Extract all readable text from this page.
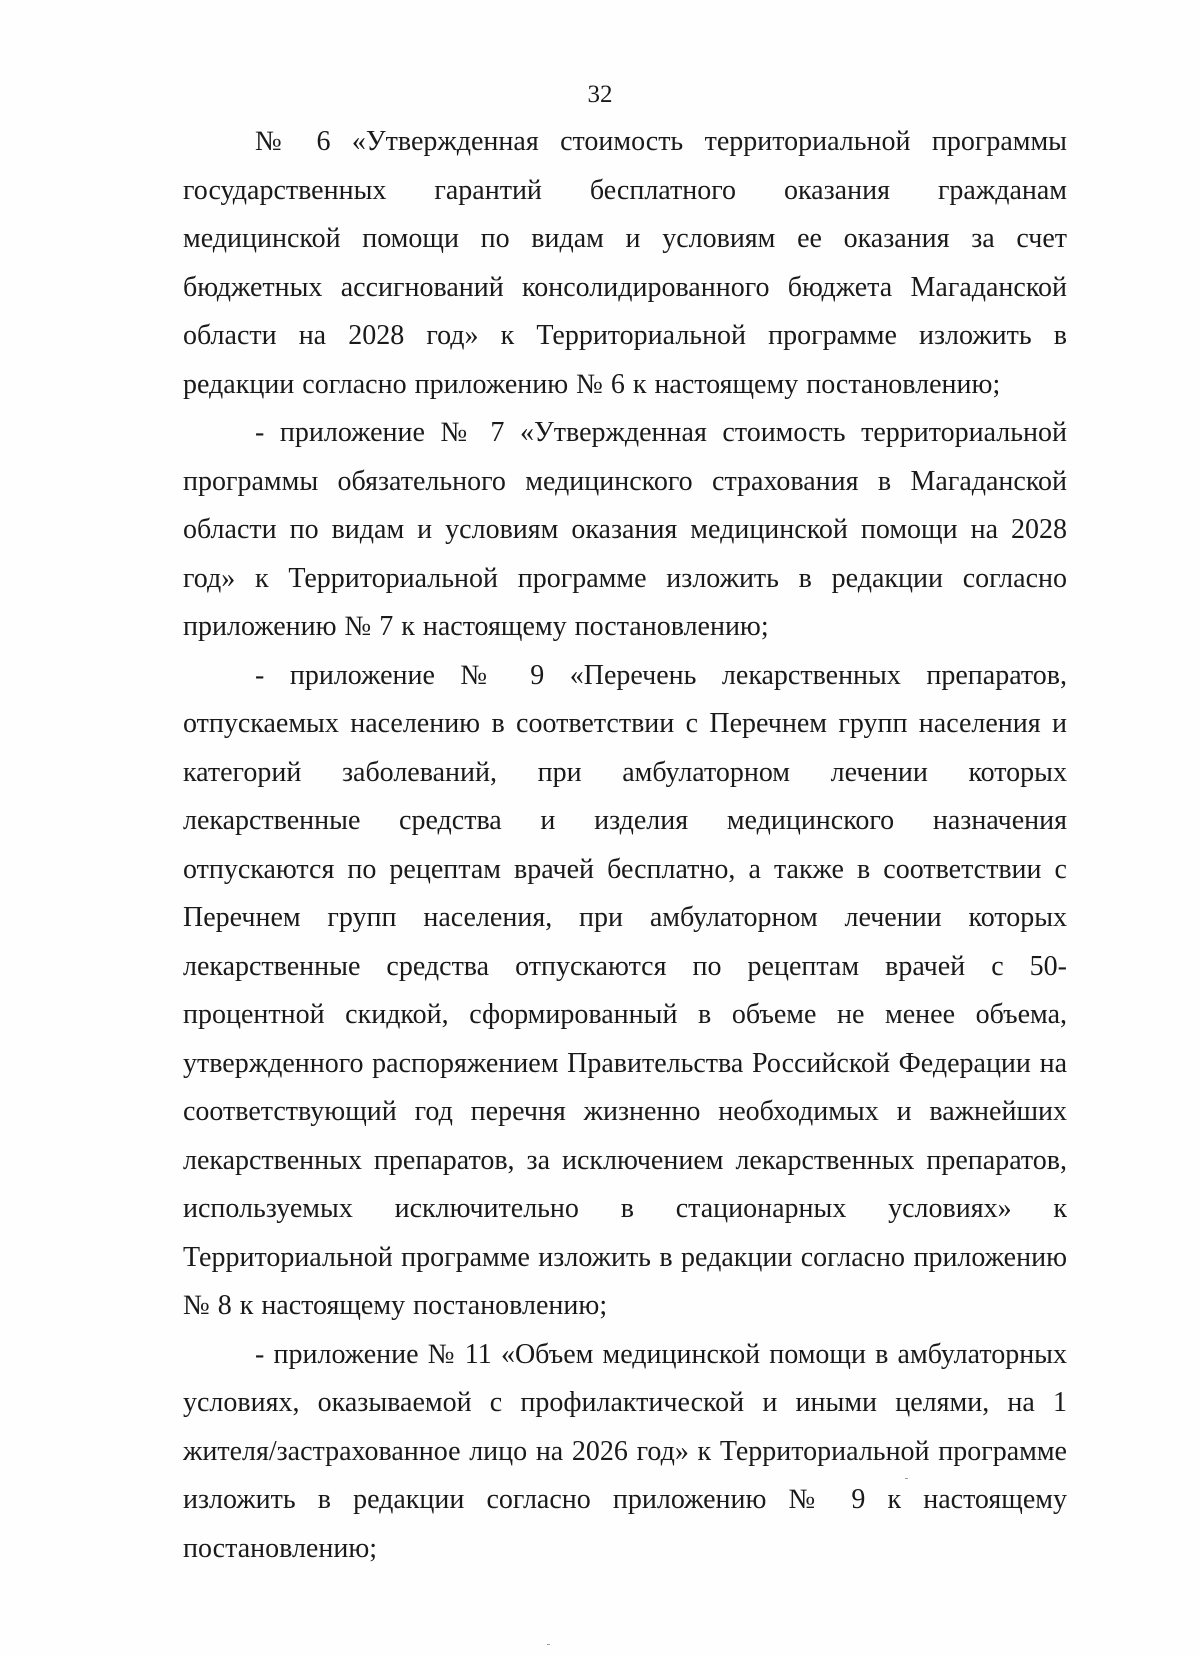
32

№ 6 «Утвержденная стоимость территориальной программы государственных гарантий бесплатного оказания гражданам медицинской помощи по видам и условиям ее оказания за счет бюджетных ассигнований консолидированного бюджета Магаданской области на 2028 год» к Территориальной программе изложить в редакции согласно приложению № 6 к настоящему постановлению;

- приложение № 7 «Утвержденная стоимость территориальной программы обязательного медицинского страхования в Магаданской области по видам и условиям оказания медицинской помощи на 2028 год» к Территориальной программе изложить в редакции согласно приложению № 7 к настоящему постановлению;

- приложение № 9 «Перечень лекарственных препаратов, отпускаемых населению в соответствии с Перечнем групп населения и категорий заболеваний, при амбулаторном лечении которых лекарственные средства и изделия медицинского назначения отпускаются по рецептам врачей бесплатно, а также в соответствии с Перечнем групп населения, при амбулаторном лечении которых лекарственные средства отпускаются по рецептам врачей с 50-процентной скидкой, сформированный в объеме не менее объема, утвержденного распоряжением Правительства Российской Федерации на соответствующий год перечня жизненно необходимых и важнейших лекарственных препаратов, за исключением лекарственных препаратов, используемых исключительно в стационарных условиях» к Территориальной программе изложить в редакции согласно приложению № 8 к настоящему постановлению;

- приложение № 11 «Объем медицинской помощи в амбулаторных условиях, оказываемой с профилактической и иными целями, на 1 жителя/застрахованное лицо на 2026 год» к Территориальной программе изложить в редакции согласно приложению № 9 к настоящему постановлению;
